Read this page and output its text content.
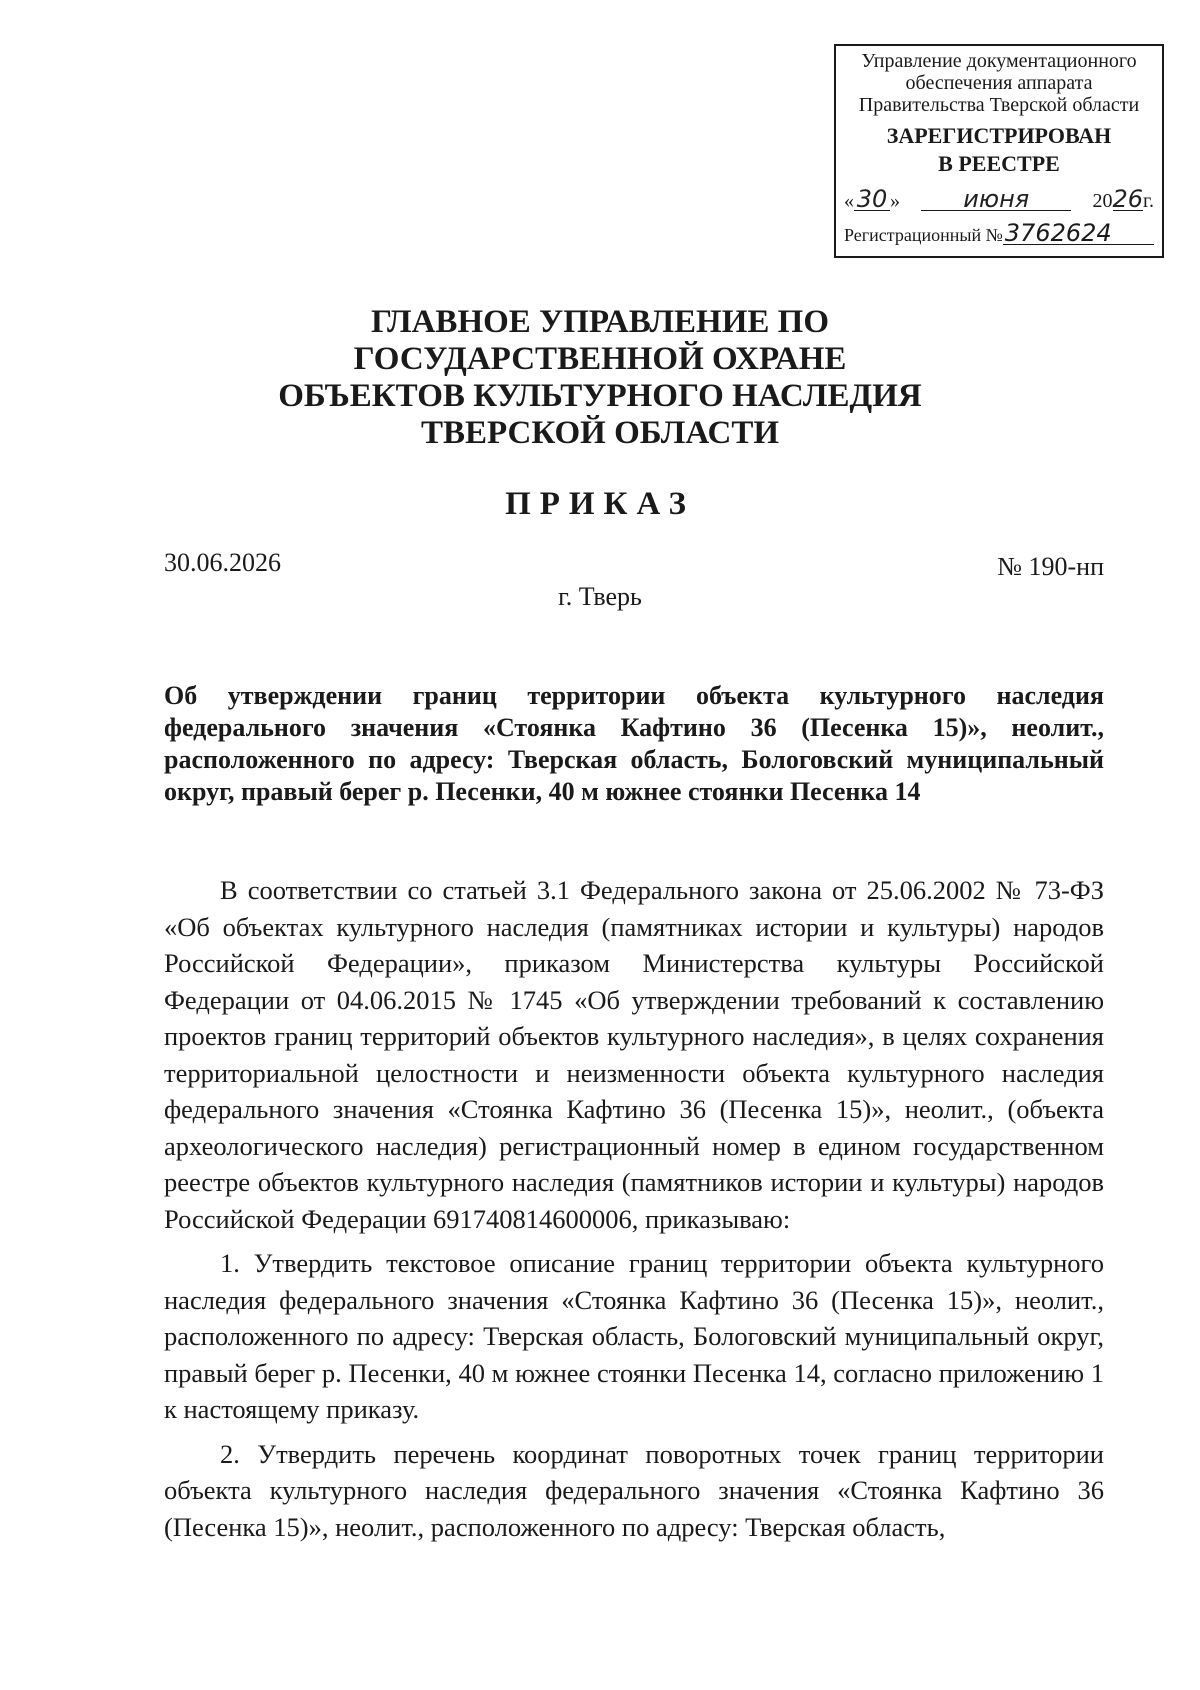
Управление документационного
обеспечения аппарата
Правительства Тверской области
ЗАРЕГИСТРИРОВАН
В РЕЕСТРЕ
« 30 »	июня	2026г.
Регистрационный № 3762624
ГЛАВНОЕ УПРАВЛЕНИЕ ПО
ГОСУДАРСТВЕННОЙ ОХРАНЕ
ОБЪЕКТОВ КУЛЬТУРНОГО НАСЛЕДИЯ
ТВЕРСКОЙ ОБЛАСТИ
ПРИКАЗ
30.06.2026	№ 190-нп
г. Тверь
Об утверждении границ территории объекта культурного наследия федерального значения «Стоянка Кафтино 36 (Песенка 15)», неолит., расположенного по адресу: Тверская область, Бологовский муниципальный округ, правый берег р. Песенки, 40 м южнее стоянки Песенка 14

В соответствии со статьей 3.1 Федерального закона от 25.06.2002 № 73-ФЗ «Об объектах культурного наследия (памятниках истории и культуры) народов Российской Федерации», приказом Министерства культуры Российской Федерации от 04.06.2015 № 1745 «Об утверждении требований к составлению проектов границ территорий объектов культурного наследия», в целях сохранения территориальной целостности и неизменности объекта культурного наследия федерального значения «Стоянка Кафтино 36 (Песенка 15)», неолит., (объекта археологического наследия) регистрационный номер в едином государственном реестре объектов культурного наследия (памятников истории и культуры) народов Российской Федерации 691740814600006, приказываю:

1. Утвердить текстовое описание границ территории объекта культурного наследия федерального значения «Стоянка Кафтино 36 (Песенка 15)», неолит., расположенного по адресу: Тверская область, Бологовский муниципальный округ, правый берег р. Песенки, 40 м южнее стоянки Песенка 14, согласно приложению 1 к настоящему приказу.

2. Утвердить перечень координат поворотных точек границ территории объекта культурного наследия федерального значения «Стоянка Кафтино 36 (Песенка 15)», неолит., расположенного по адресу: Тверская область,
